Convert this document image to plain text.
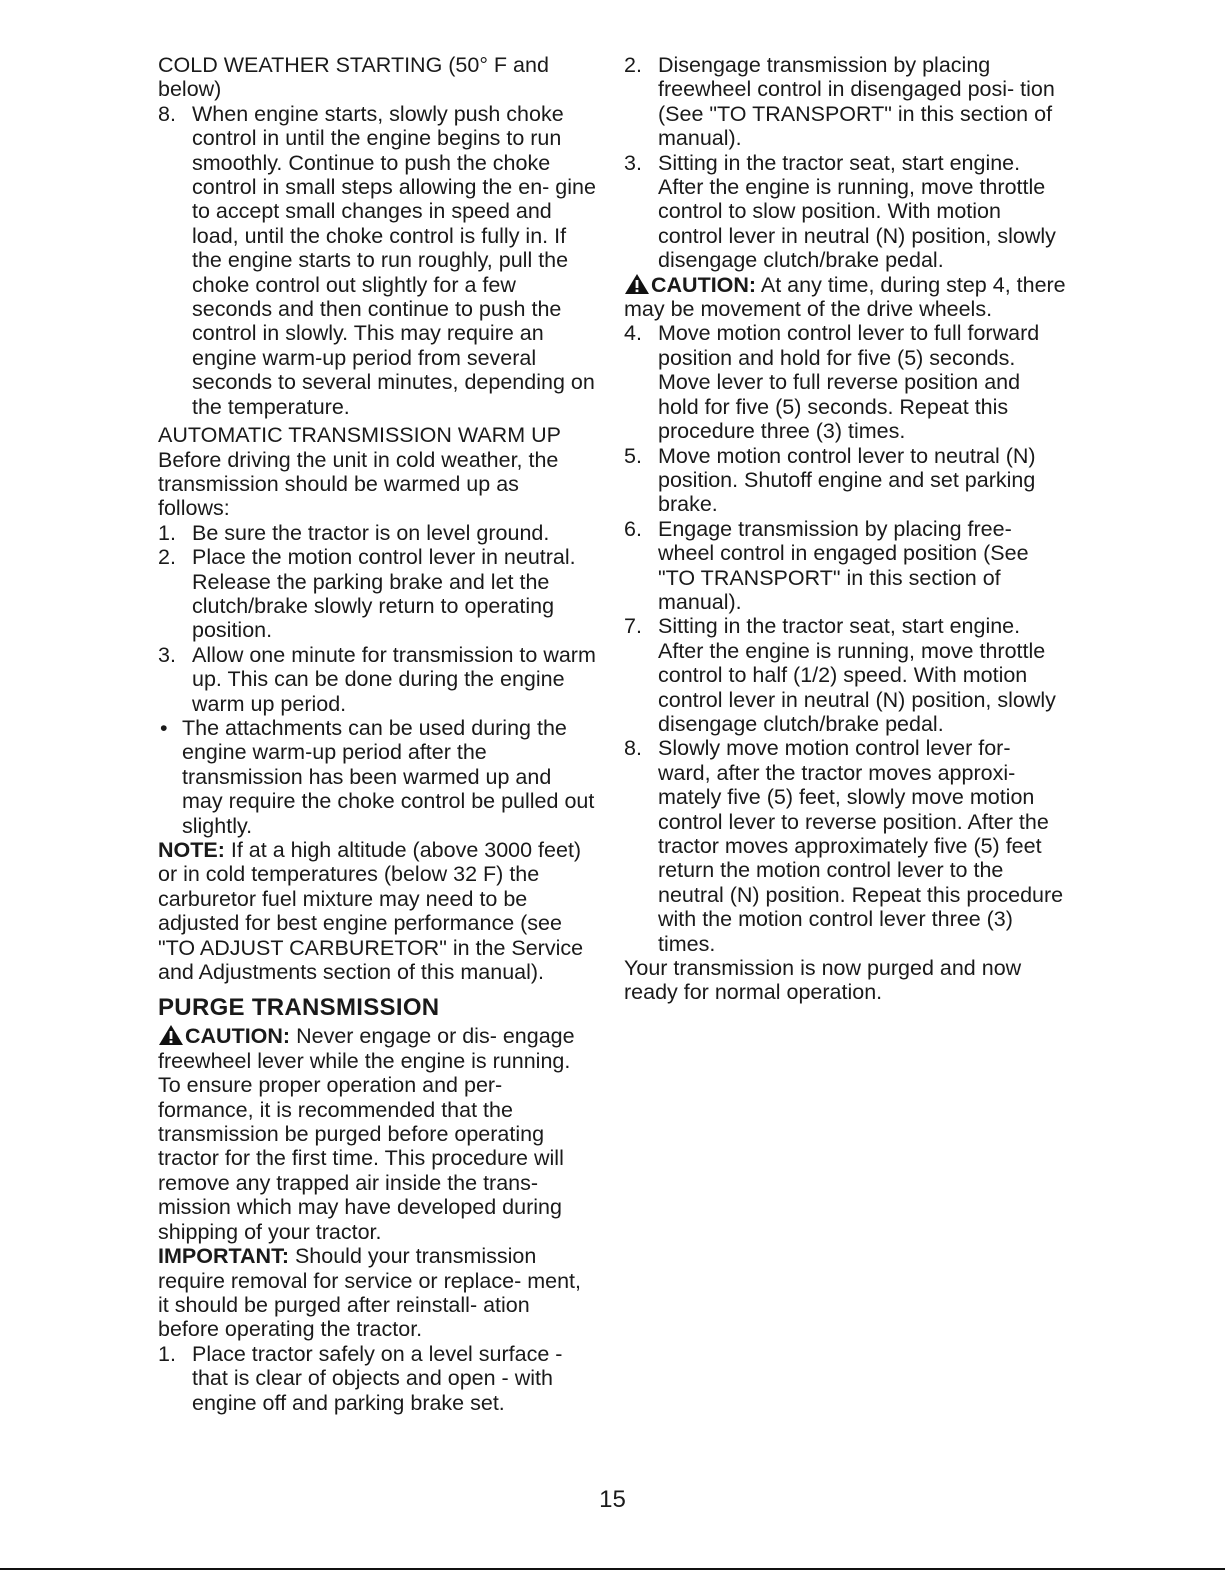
COLD WEATHER STARTING (50° F and below)

8. When engine starts, slowly push choke control in until the engine begins to run smoothly. Continue to push the choke control in small steps allowing the en- gine to accept small changes in speed and load, until the choke control is fully in. If the engine starts to run roughly, pull the choke control out slightly for a few seconds and then continue to push the control in slowly. This may require an engine warm-up period from several seconds to several minutes, depending on the temperature.

AUTOMATIC TRANSMISSION WARM UP

Before driving the unit in cold weather, the transmission should be warmed up as follows:

1. Be sure the tractor is on level ground.
2. Place the motion control lever in neutral. Release the parking brake and let the clutch/brake slowly return to operating position.
3. Allow one minute for transmission to warm up. This can be done during the engine warm up period.
• The attachments can be used during the engine warm-up period after the transmission has been warmed up and may require the choke control be pulled out slightly.

NOTE: If at a high altitude (above 3000 feet) or in cold temperatures (below 32 F) the carburetor fuel mixture may need to be adjusted for best engine performance (see "TO ADJUST CARBURETOR" in the Service and Adjustments section of this manual).

PURGE TRANSMISSION

CAUTION: Never engage or dis- engage freewheel lever while the engine is running.

To ensure proper operation and per- formance, it is recommended that the transmission be purged before operating tractor for the first time. This procedure will remove any trapped air inside the trans- mission which may have developed during shipping of your tractor.

IMPORTANT: Should your transmission require removal for service or replace- ment, it should be purged after reinstall- ation before operating the tractor.

1. Place tractor safely on a level surface - that is clear of objects and open - with engine off and parking brake set.
2. Disengage transmission by placing freewheel control in disengaged posi- tion (See "TO TRANSPORT" in this section of manual).
3. Sitting in the tractor seat, start engine. After the engine is running, move throttle control to slow position. With motion control lever in neutral (N) position, slowly disengage clutch/brake pedal.

CAUTION: At any time, during step 4, there may be movement of the drive wheels.

4. Move motion control lever to full forward position and hold for five (5) seconds. Move lever to full reverse position and hold for five (5) seconds. Repeat this procedure three (3) times.
5. Move motion control lever to neutral (N) position. Shutoff engine and set parking brake.
6. Engage transmission by placing free- wheel control in engaged position (See "TO TRANSPORT" in this section of manual).
7. Sitting in the tractor seat, start engine. After the engine is running, move throttle control to half (1/2) speed. With motion control lever in neutral (N) position, slowly disengage clutch/brake pedal.
8. Slowly move motion control lever for- ward, after the tractor moves approxi- mately five (5) feet, slowly move motion control lever to reverse position. After the tractor moves approximately five (5) feet return the motion control lever to the neutral (N) position. Repeat this procedure with the motion control lever three (3) times.

Your transmission is now purged and now ready for normal operation.

15
